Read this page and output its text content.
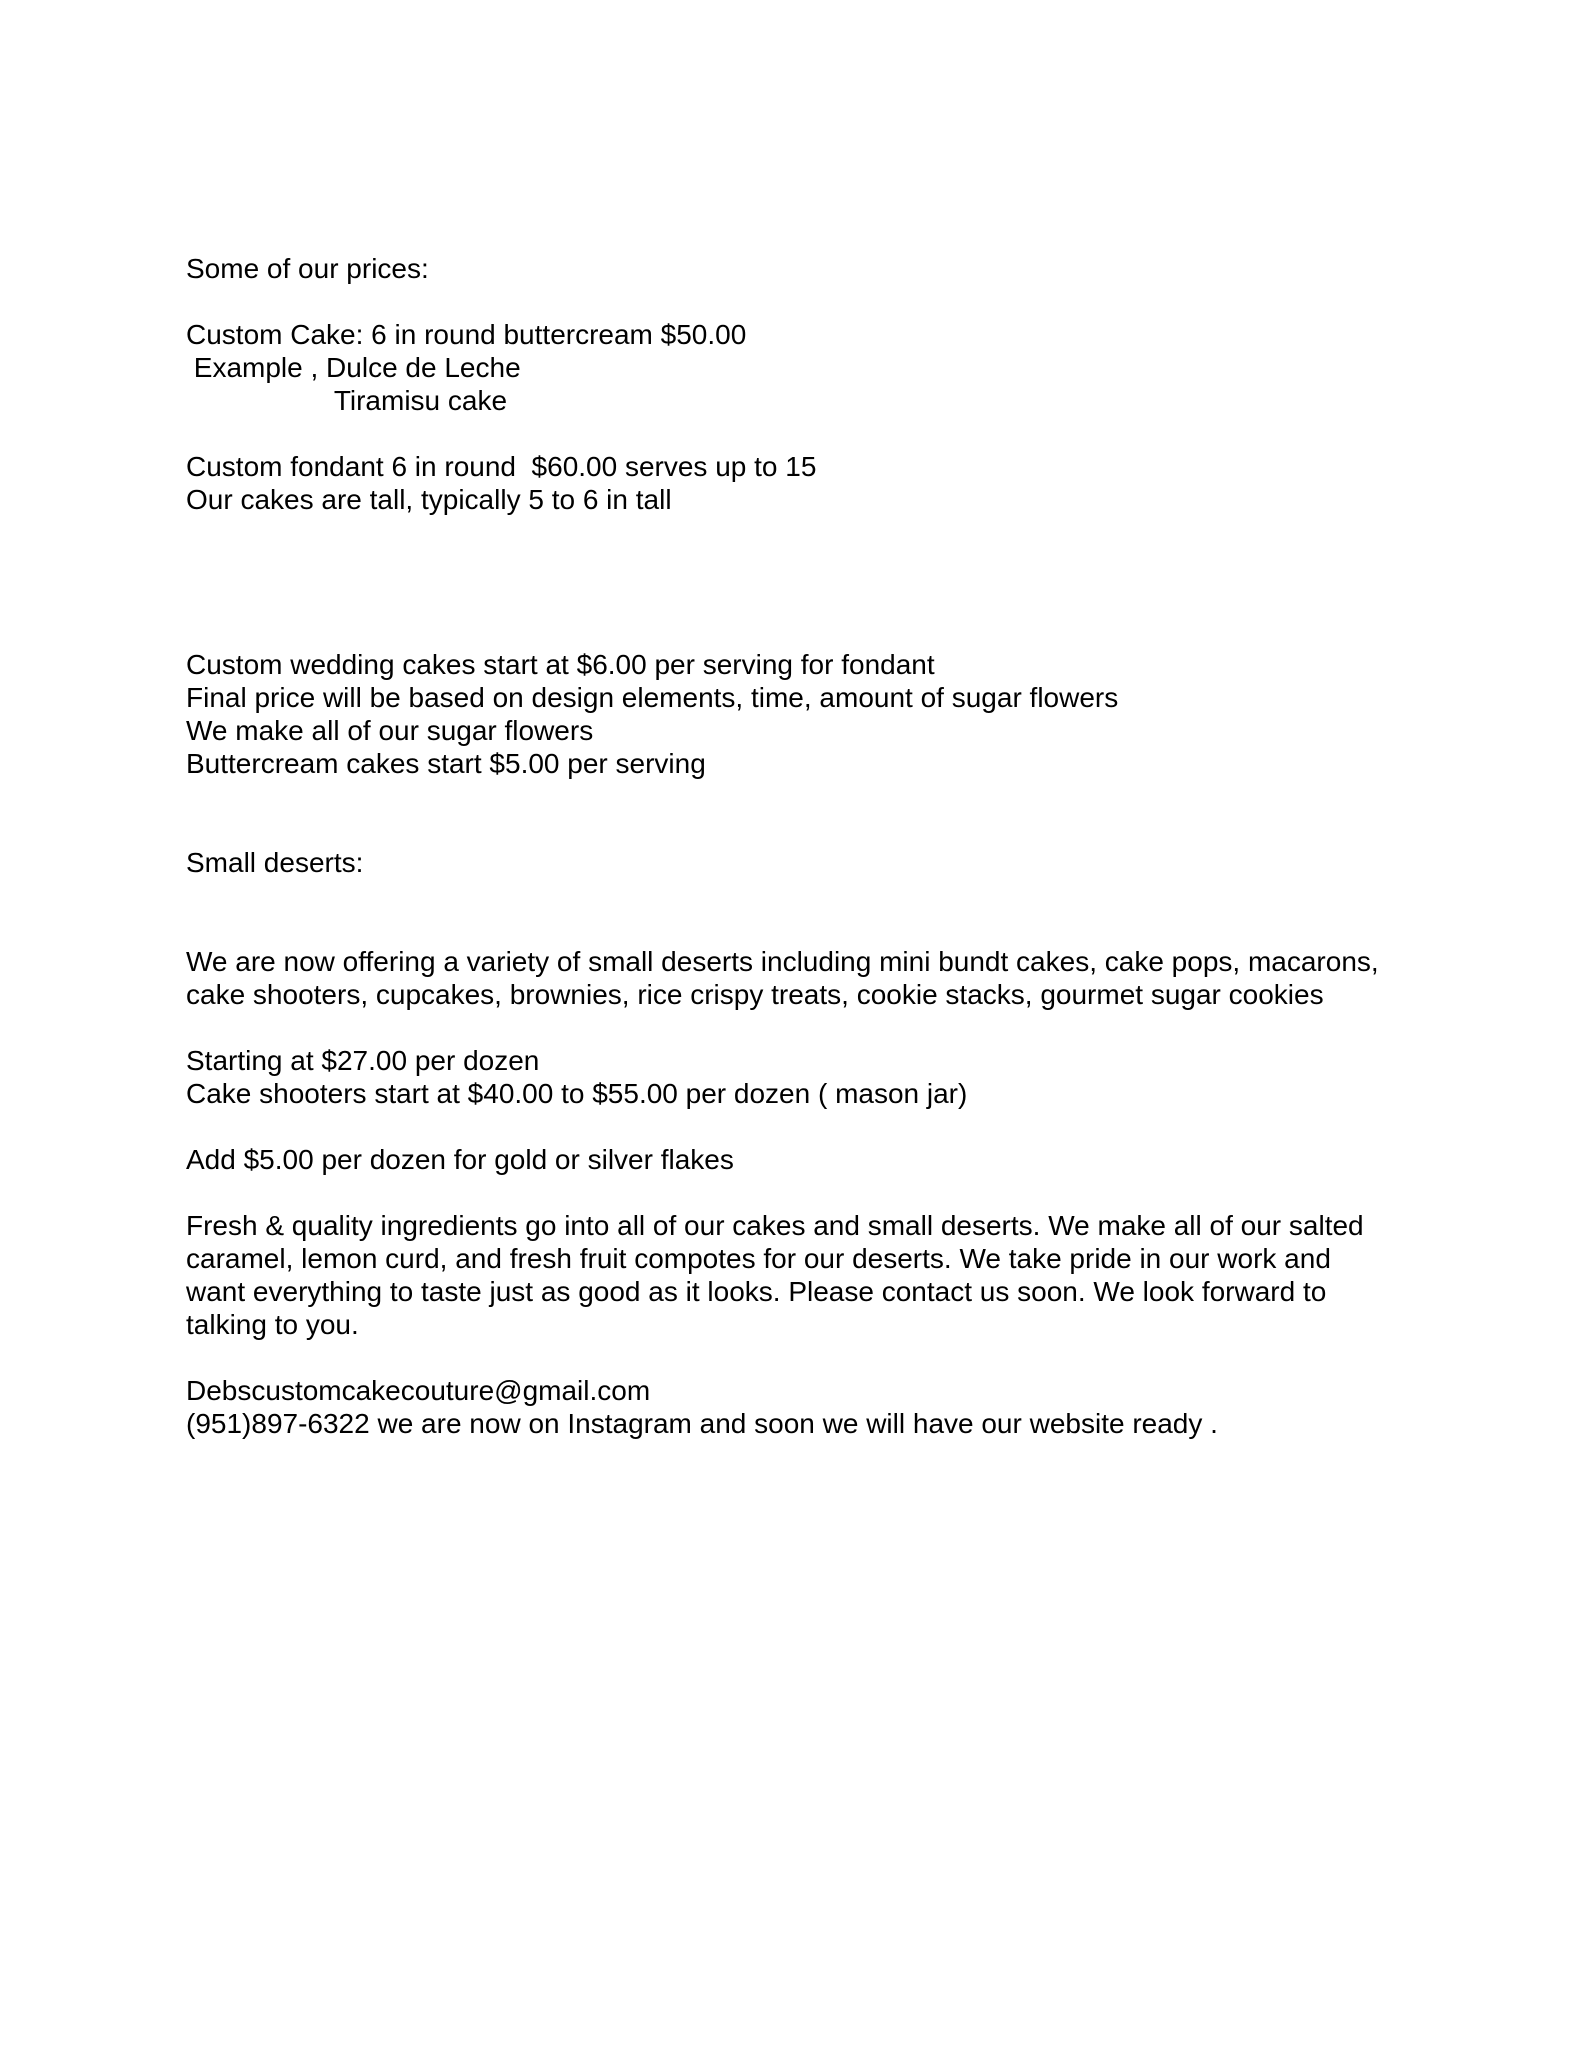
Some of our prices:
Custom Cake: 6 in round buttercream $50.00
Example , Dulce de Leche
Tiramisu cake
Custom fondant 6 in round  $60.00 serves up to 15
Our cakes are tall, typically 5 to 6 in tall
Custom wedding cakes start at $6.00 per serving for fondant
Final price will be based on design elements, time, amount of sugar flowers
We make all of our sugar flowers
Buttercream cakes start $5.00 per serving
Small deserts:
We are now offering a variety of small deserts including mini bundt cakes, cake pops, macarons, cake shooters, cupcakes, brownies, rice crispy treats, cookie stacks, gourmet sugar cookies
Starting at $27.00 per dozen
Cake shooters start at $40.00 to $55.00 per dozen ( mason jar)
Add $5.00 per dozen for gold or silver flakes
Fresh & quality ingredients go into all of our cakes and small deserts. We make all of our salted caramel, lemon curd, and fresh fruit compotes for our deserts. We take pride in our work and want everything to taste just as good as it looks. Please contact us soon. We look forward to talking to you.
Debscustomcakecouture@gmail.com
(951)897-6322 we are now on Instagram and soon we will have our website ready .
